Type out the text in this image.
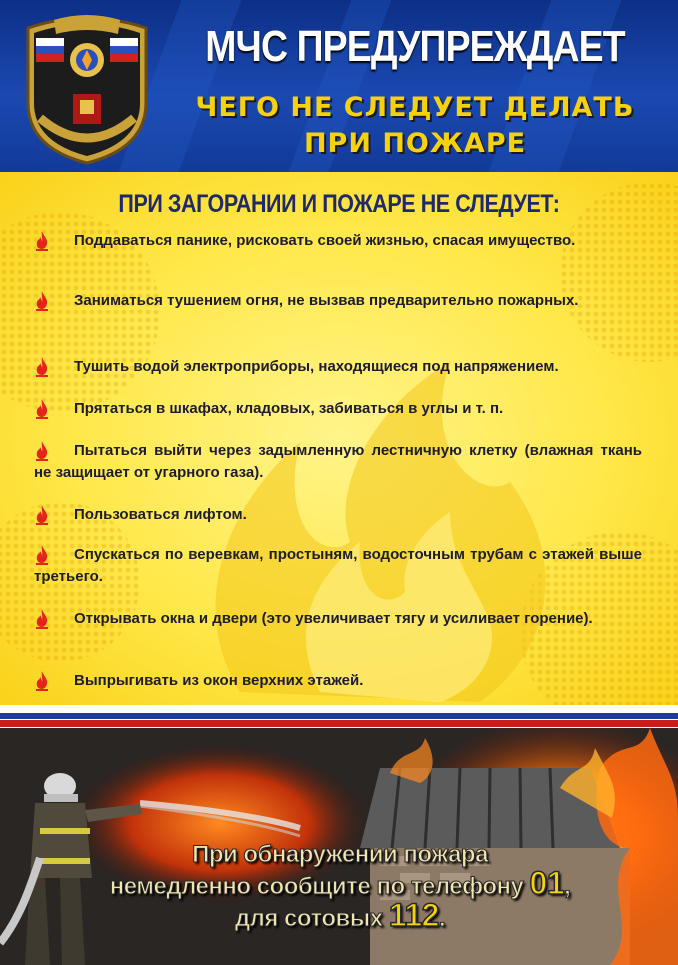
МЧС ПРЕДУПРЕЖДАЕТ
ЧЕГО НЕ СЛЕДУЕТ ДЕЛАТЬ
ПРИ ПОЖАРЕ
ПРИ ЗАГОРАНИИ И ПОЖАРЕ НЕ СЛЕДУЕТ:
Поддаваться панике, рисковать своей жизнью, спасая имущество.
Заниматься тушением огня, не вызвав предварительно пожарных.
Тушить водой электроприборы, находящиеся под напряжением.
Прятаться в шкафах, кладовых, забиваться в углы и т. п.
Пытаться выйти через задымленную лестничную клетку (влажная ткань не защищает от угарного газа).
Пользоваться лифтом.
Спускаться по веревкам, простыням, водосточным трубам с этажей выше третьего.
Открывать окна и двери (это увеличивает тягу и усиливает горение).
Выпрыгивать из окон верхних этажей.
При обнаружении пожара
немедленно сообщите по телефону 01,
для сотовых 112.
